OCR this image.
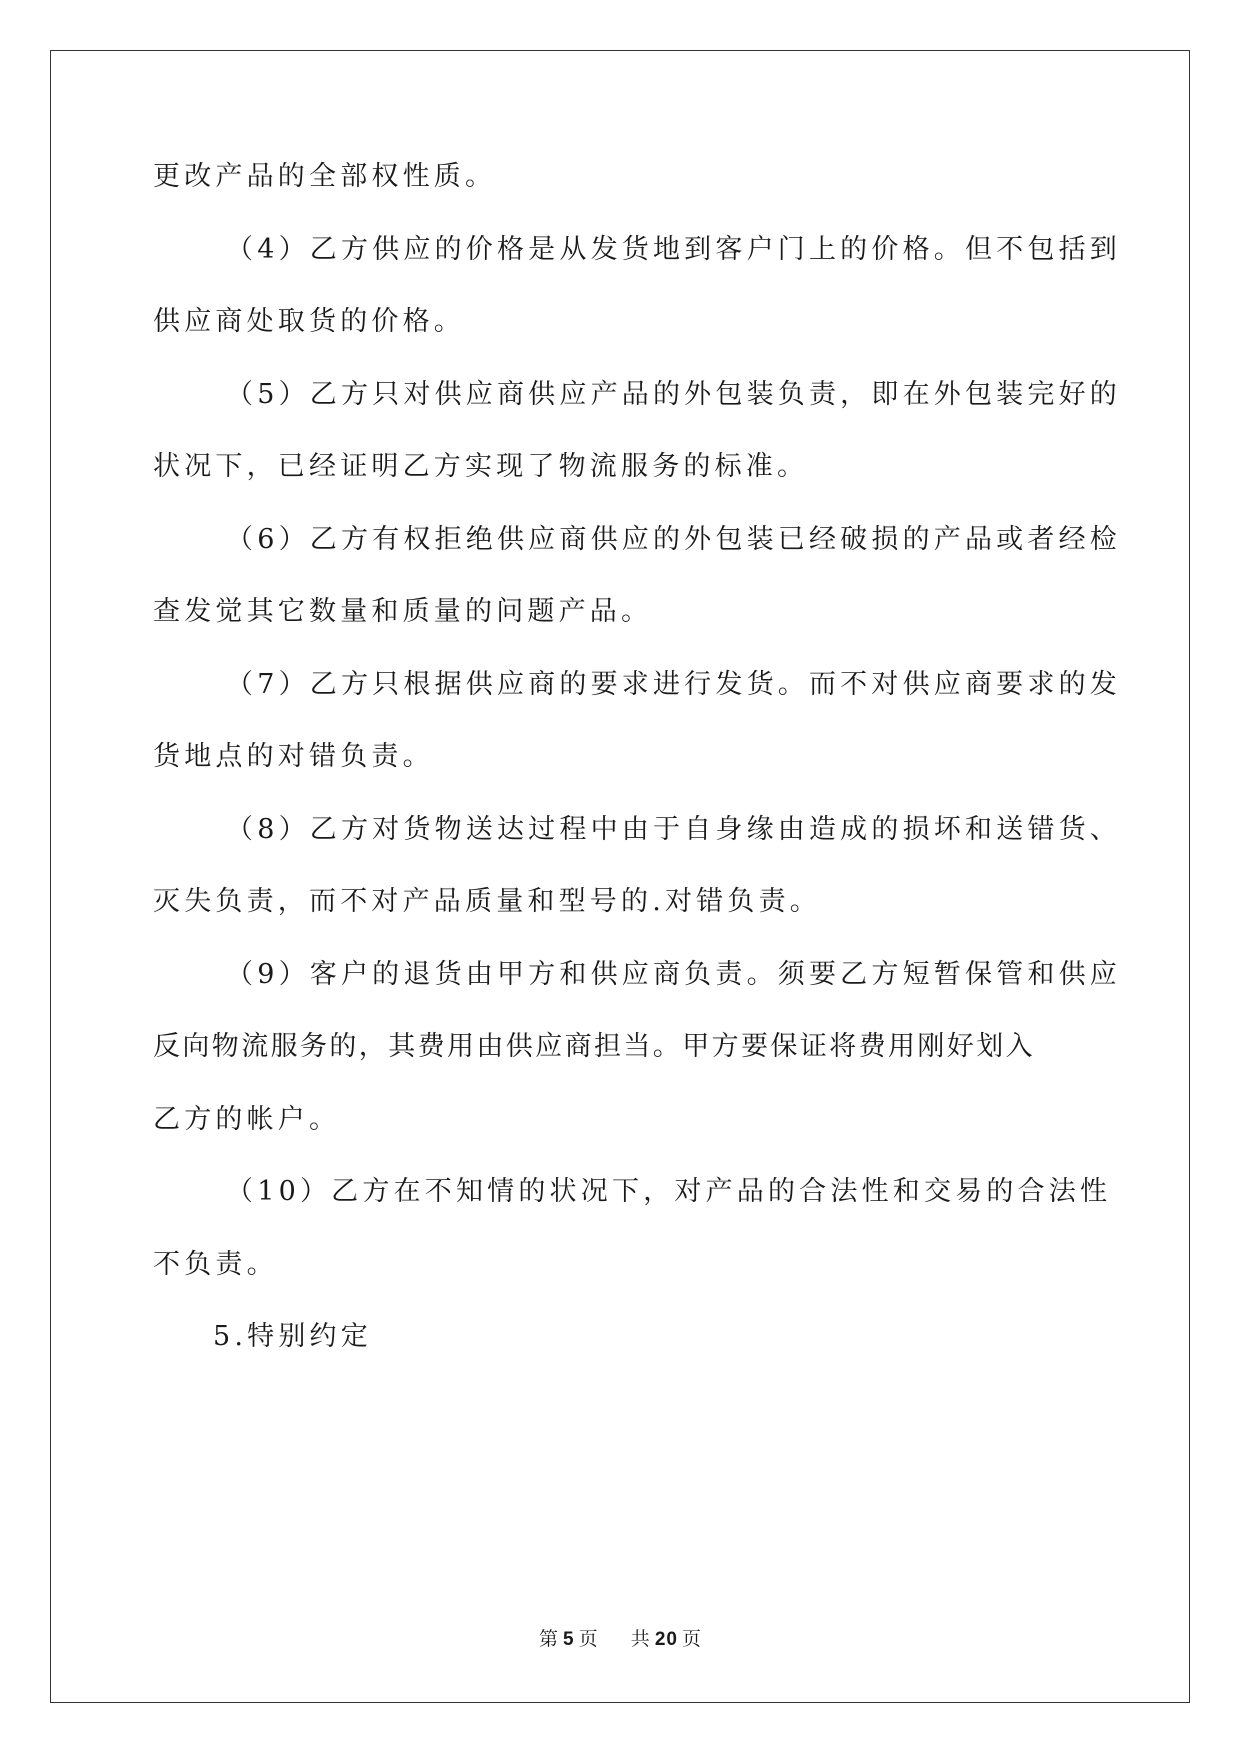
更改产品的全部权性质。
（4）乙方供应的价格是从发货地到客户门上的价格。但不包括到
供应商处取货的价格。
（5）乙方只对供应商供应产品的外包装负责，即在外包装完好的
状况下，已经证明乙方实现了物流服务的标准。
（6）乙方有权拒绝供应商供应的外包装已经破损的产品或者经检
查发觉其它数量和质量的问题产品。
（7）乙方只根据供应商的要求进行发货。而不对供应商要求的发
货地点的对错负责。
（8）乙方对货物送达过程中由于自身缘由造成的损坏和送错货、
灭失负责，而不对产品质量和型号的.对错负责。
（9）客户的退货由甲方和供应商负责。须要乙方短暂保管和供应
反向物流服务的，其费用由供应商担当。甲方要保证将费用刚好划入
乙方的帐户。
（10）乙方在不知情的状况下，对产品的合法性和交易的合法性
不负责。
5.特别约定
第 5 页 共 20 页
